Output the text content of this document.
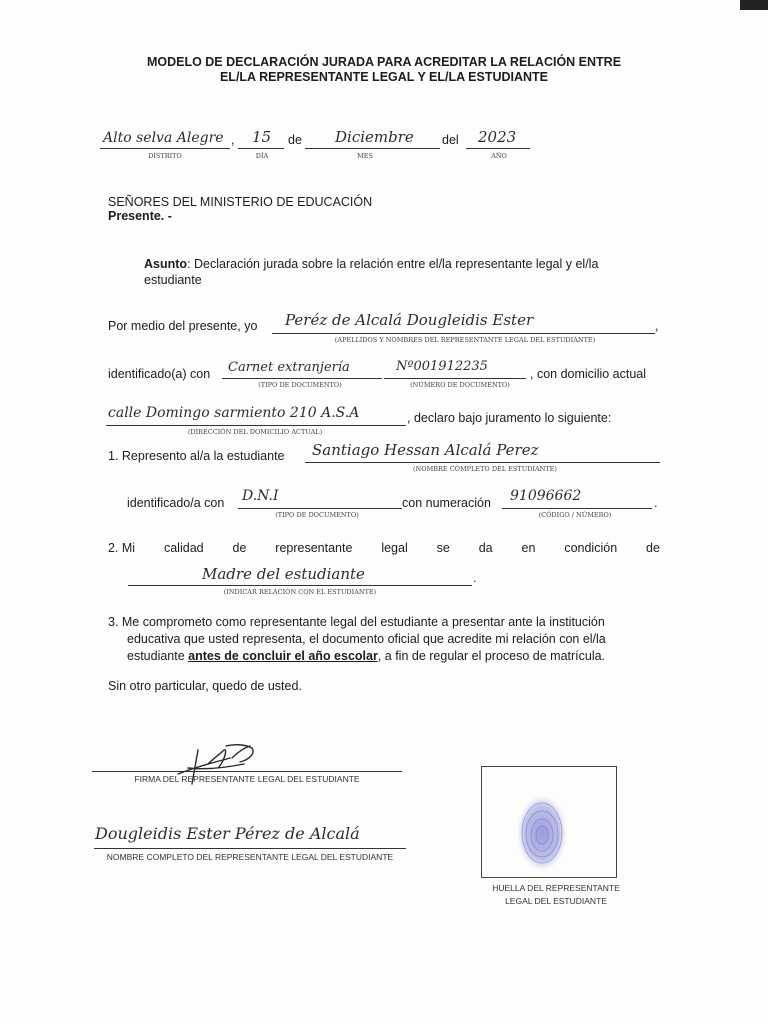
MODELO DE DECLARACIÓN JURADA PARA ACREDITAR LA RELACIÓN ENTRE
EL/LA REPRESENTANTE LEGAL Y EL/LA ESTUDIANTE
Alto selva Alegre , 15 de Diciembre del 2023
DISTRITO	DÍA	MES	AÑO
SEÑORES DEL MINISTERIO DE EDUCACIÓN
Presente. -
Asunto: Declaración jurada sobre la relación entre el/la representante legal y el/la
estudiante
Por medio del presente, yo Peréz de Alcalá Dougleidis Ester	,
(APELLIDOS Y NOMBRES DEL REPRESENTANTE LEGAL DEL ESTUDIANTE)
identificado(a) con Carnet extranjería	Nº001912235	, con domicilio actual
(TIPO DE DOCUMENTO)	(NÚMERO DE DOCUMENTO)
calle Domingo sarmiento 210 A.S.A	, declaro bajo juramento lo siguiente:
(DIRECCIÓN DEL DOMICILIO ACTUAL)
1. Represento al/a la estudiante Santiago Hessan Alcalá Perez
(NOMBRE COMPLETO DEL ESTUDIANTE)
identificado/a con D.N.I	con numeración 91096662	.
(TIPO DE DOCUMENTO)	(CÓDIGO / NÚMERO)
2. Mi calidad de representante legal se da en condición de
Madre del estudiante	.
(INDICAR RELACIÓN CON EL ESTUDIANTE)
3. Me comprometo como representante legal del estudiante a presentar ante la institución
educativa que usted representa, el documento oficial que acredite mi relación con el/la
estudiante antes de concluir el año escolar, a fin de regular el proceso de matrícula.
Sin otro particular, quedo de usted.
FIRMA DEL REPRESENTANTE LEGAL DEL ESTUDIANTE
Dougleidis Ester Pérez de Alcalá
NOMBRE COMPLETO DEL REPRESENTANTE LEGAL DEL ESTUDIANTE
HUELLA DEL REPRESENTANTE
LEGAL DEL ESTUDIANTE
